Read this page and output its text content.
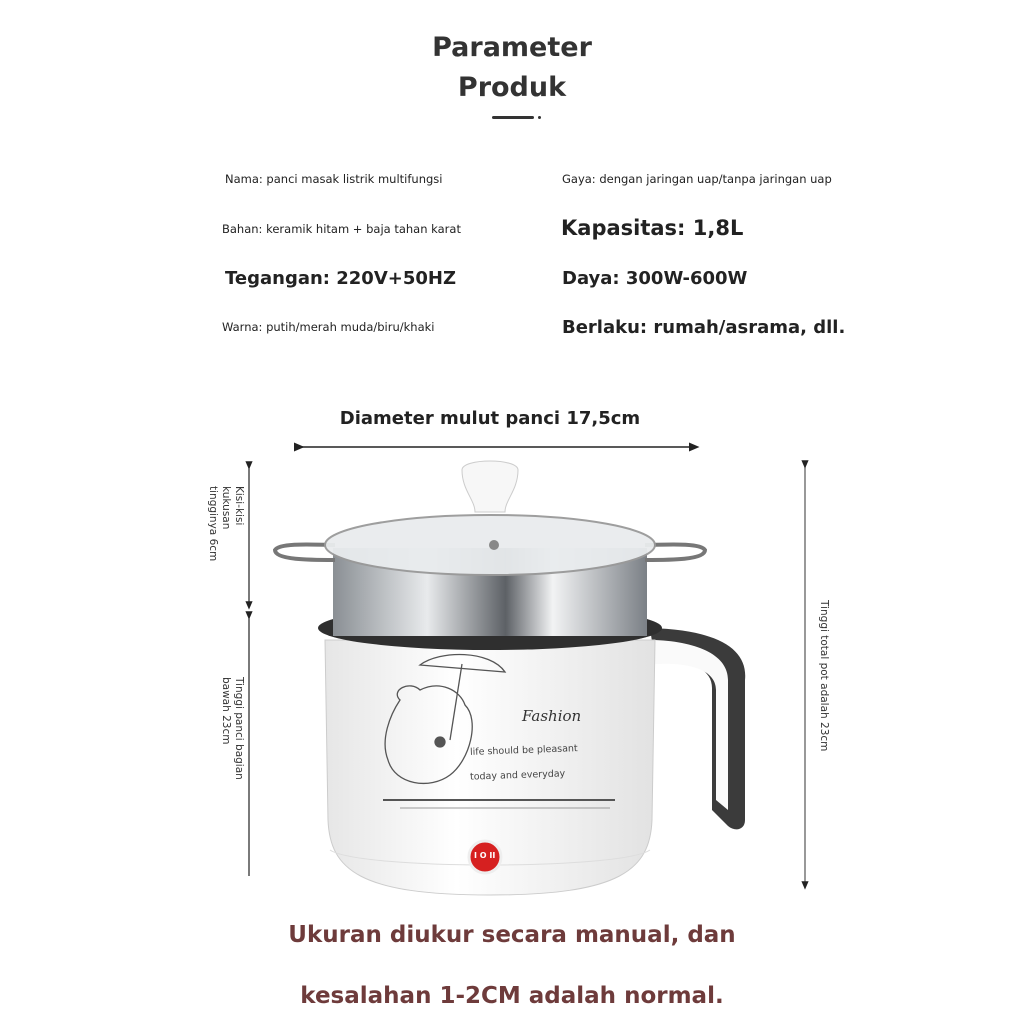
Parameter
Produk
Nama: panci masak listrik multifungsi	Gaya: dengan jaringan uap/tanpa jaringan uap
Bahan: keramik hitam + baja tahan karat	Kapasitas: 1,8L
Tegangan: 220V+50HZ	Daya: 300W-600W
Warna: putih/merah muda/biru/khaki	Berlaku: rumah/asrama, dll.
Diameter mulut panci 17,5cm
Fashion
life should be pleasant
today and everyday
I O II
Kisi-kisi kukusan tingginya 6cm
Tinggi panci bagian bawah 23cm	Tinggi total pot adalah 23cm
Ukuran diukur secara manual, dan
kesalahan 1-2CM adalah normal.
